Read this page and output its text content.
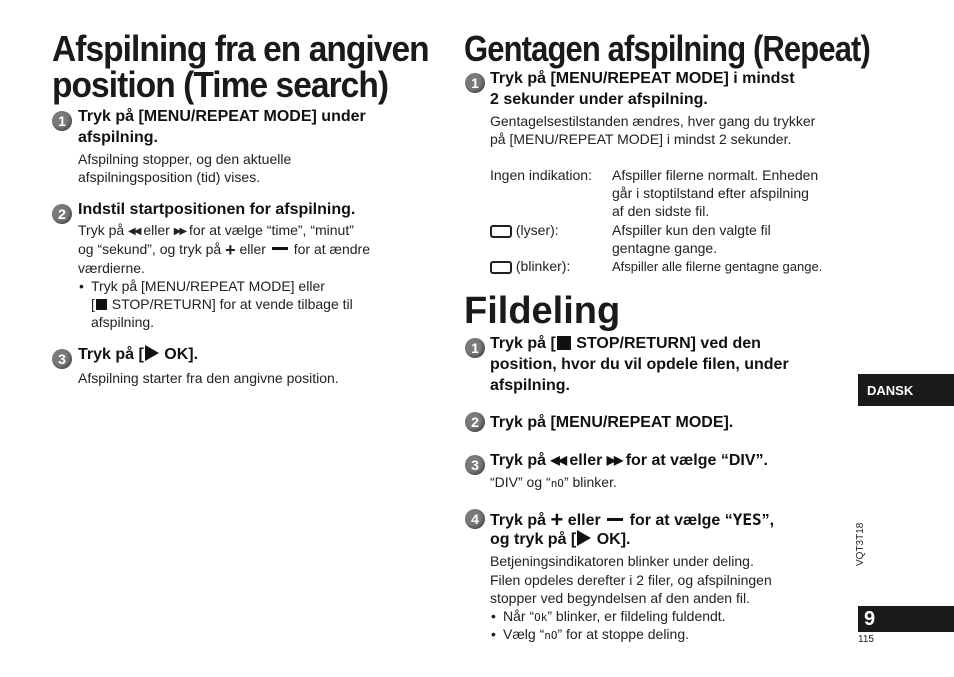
Afspilning fra en angiven
position (Time search)
1 Tryk på [MENU/REPEAT MODE] under
afspilning.
Afspilning stopper, og den aktuelle
afspilningsposition (tid) vises.
2 Indstil startpositionen for afspilning.
Tryk på ◀◀ eller ▶▶ for at vælge “time”, “minut”
og “sekund”, og tryk på + eller for at ændre
værdierne.
• Tryk på [MENU/REPEAT MODE] eller
[ STOP/RETURN] for at vende tilbage til
afspilning.
3 Tryk på [ OK].
Afspilning starter fra den angivne position.
Gentagen afspilning (Repeat)
1 Tryk på [MENU/REPEAT MODE] i mindst
2 sekunder under afspilning.
Gentagelsestilstanden ændres, hver gang du trykker
på [MENU/REPEAT MODE] i mindst 2 sekunder.
Ingen indikation: Afspiller filerne normalt. Enheden
går i stoptilstand efter afspilning
af den sidste fil.
(lyser):	Afspiller kun den valgte fil
gentagne gange.
(blinker):	Afspiller alle filerne gentagne gange.
Fildeling
1 Tryk på [ STOP/RETURN] ved den
position, hvor du vil opdele filen, under
afspilning.
2 Tryk på [MENU/REPEAT MODE].
3 Tryk på ◀◀ eller ▶▶ for at vælge “DIV”.
“DIV” og “nO” blinker.
4 Tryk på + eller for at vælge “YES”,
og tryk på [ OK].
Betjeningsindikatoren blinker under deling.
Filen opdeles derefter i 2 filer, og afspilningen
stopper ved begyndelsen af den anden fil.
• Når “Ok” blinker, er fildeling fuldendt.
• Vælg “nO” for at stoppe deling.
DANSK
VQT3T18
9
115
